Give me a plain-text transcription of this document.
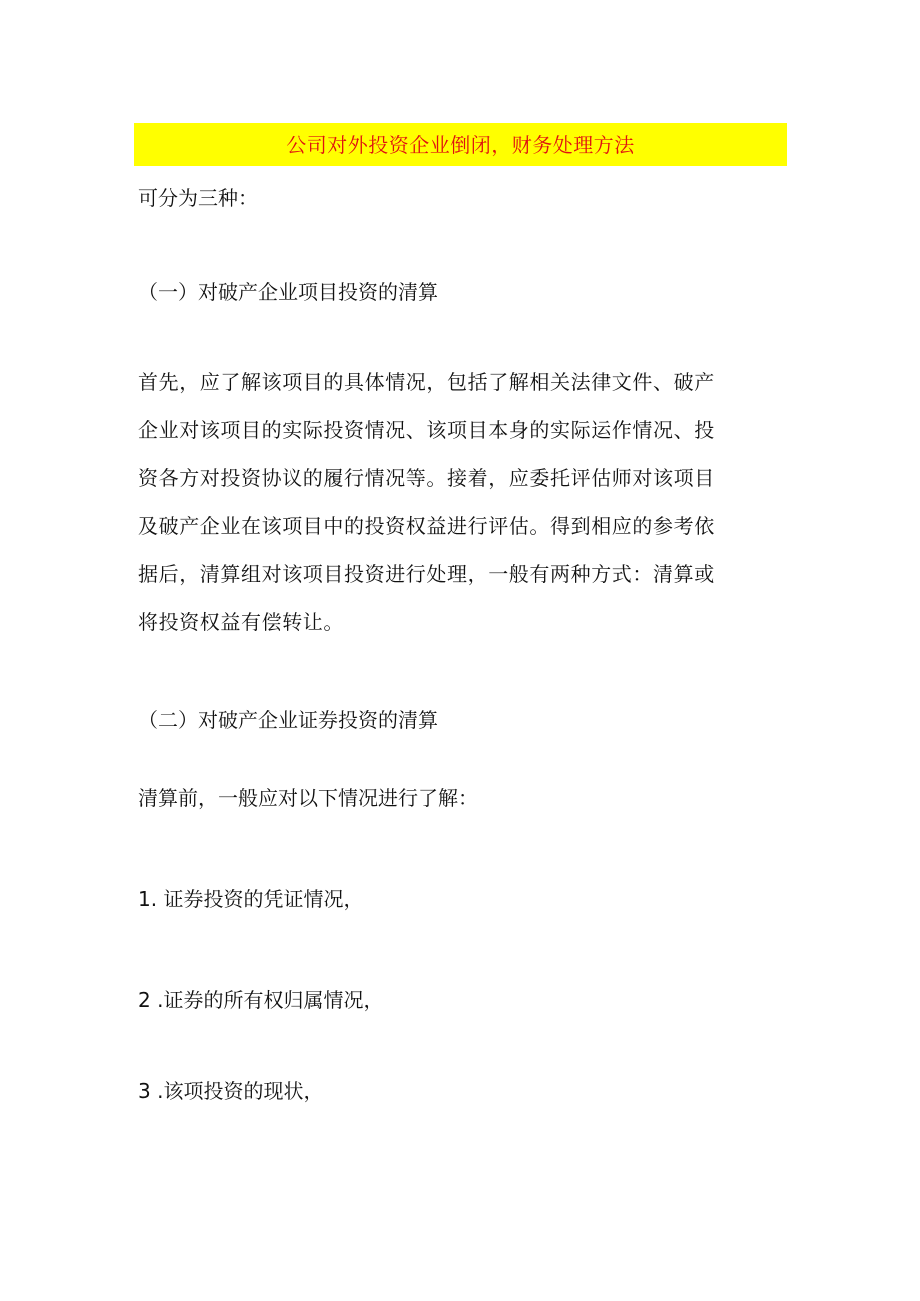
公司对外投资企业倒闭，财务处理方法
可分为三种：
（一）对破产企业项目投资的清算
首先，应了解该项目的具体情况，包括了解相关法律文件、破产
企业对该项目的实际投资情况、该项目本身的实际运作情况、投
资各方对投资协议的履行情况等。接着，应委托评估师对该项目
及破产企业在该项目中的投资权益进行评估。得到相应的参考依
据后，清算组对该项目投资进行处理，一般有两种方式：清算或
将投资权益有偿转让。
（二）对破产企业证券投资的清算
清算前，一般应对以下情况进行了解：
1. 证券投资的凭证情况，
2 .证券的所有权归属情况，
3 .该项投资的现状，
